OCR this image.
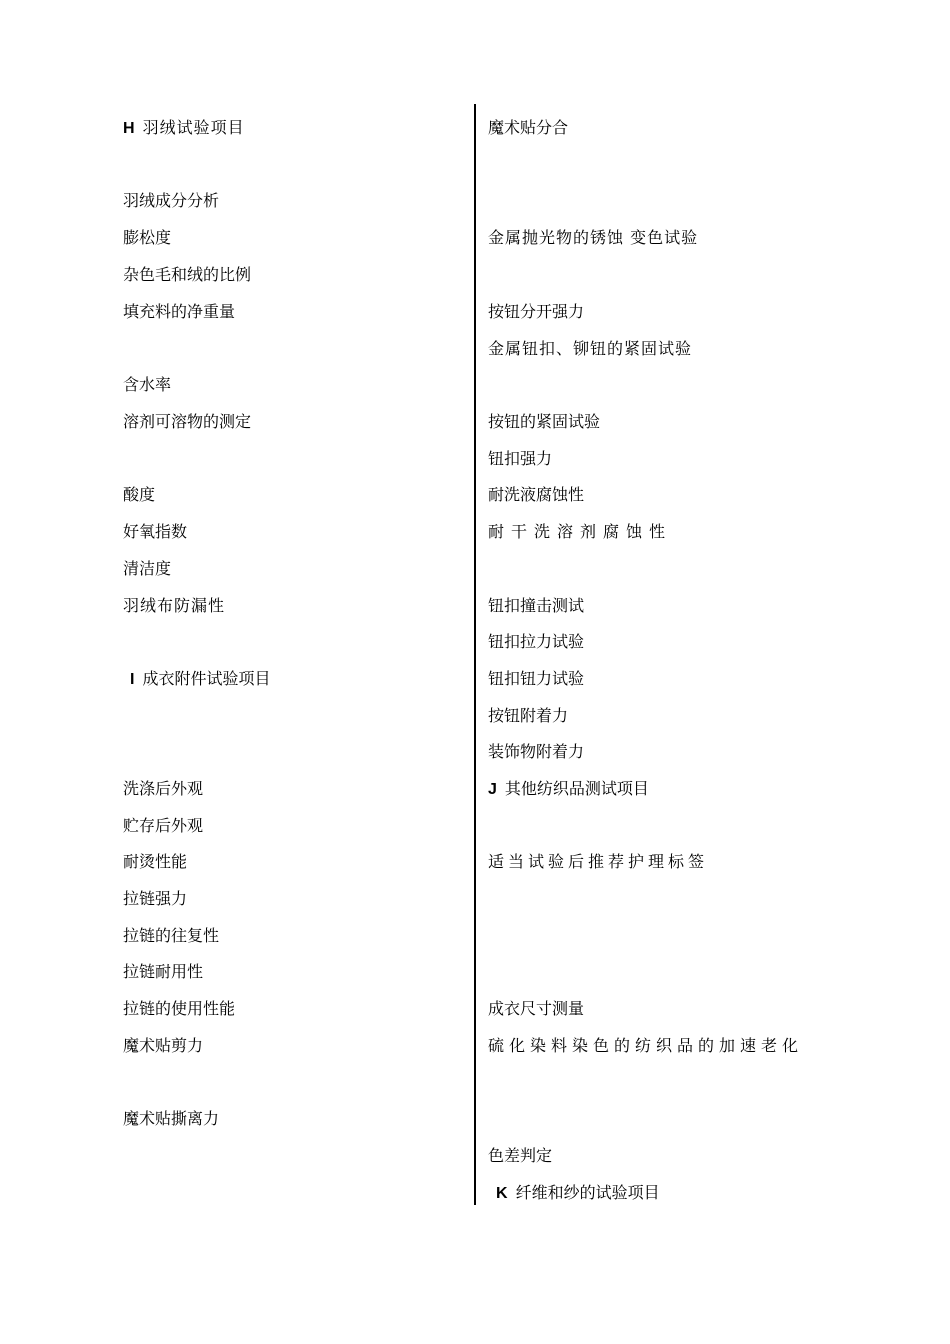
H 羽绒试验项目
羽绒成分分析
膨松度
杂色毛和绒的比例
填充料的净重量
含水率
溶剂可溶物的测定
酸度
好氧指数
清洁度
羽绒布防漏性
I 成衣附件试验项目
洗涤后外观
贮存后外观
耐烫性能
拉链强力
拉链的往复性
拉链耐用性
拉链的使用性能
魔术贴剪力
魔术贴撕离力
魔术贴分合
金属抛光物的锈蚀 变色试验
按钮分开强力
金属钮扣、铆钮的紧固试验
按钮的紧固试验
钮扣强力
耐洗液腐蚀性
耐干洗溶剂腐蚀性
钮扣撞击测试
钮扣拉力试验
钮扣钮力试验
按钮附着力
装饰物附着力
J 其他纺织品测试项目
适当试验后推荐护理标签
成衣尺寸测量
硫化染料染色的纺织品的加速老化
色差判定
K 纤维和纱的试验项目
